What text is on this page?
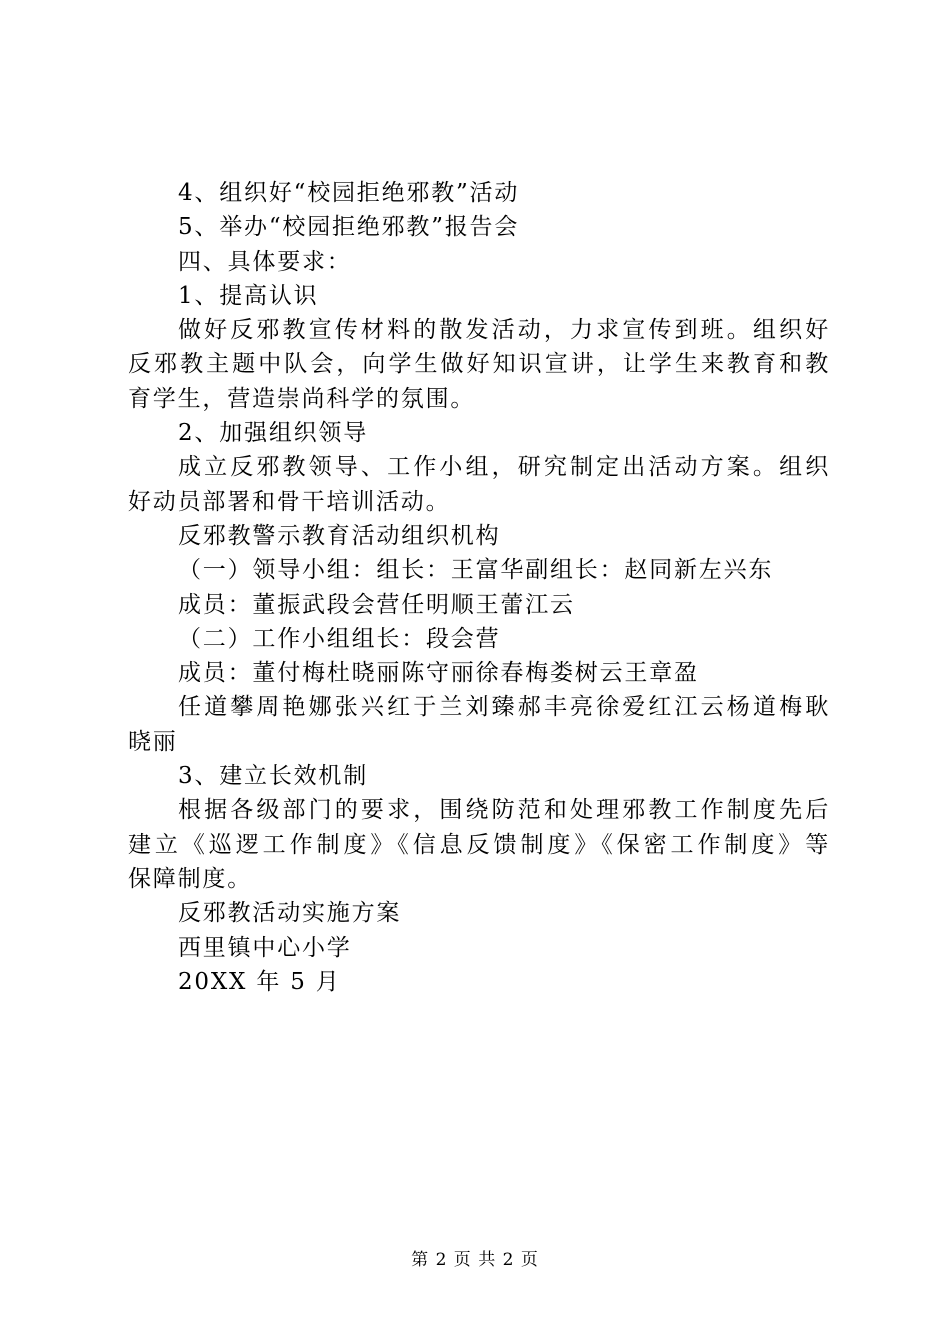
4、组织好“校园拒绝邪教”活动
5、举办“校园拒绝邪教”报告会
四、具体要求：
1、提高认识
做好反邪教宣传材料的散发活动，力求宣传到班。组织好
反邪教主题中队会，向学生做好知识宣讲，让学生来教育和教
育学生，营造崇尚科学的氛围。
2、加强组织领导
成立反邪教领导、工作小组，研究制定出活动方案。组织
好动员部署和骨干培训活动。
反邪教警示教育活动组织机构
（一）领导小组：组长：王富华副组长：赵同新左兴东
成员：董振武段会营任明顺王蕾江云
（二）工作小组组长：段会营
成员：董付梅杜晓丽陈守丽徐春梅娄树云王章盈
任道攀周艳娜张兴红于兰刘臻郝丰亮徐爱红江云杨道梅耿
晓丽
3、建立长效机制
根据各级部门的要求，围绕防范和处理邪教工作制度先后
建立《巡逻工作制度》《信息反馈制度》《保密工作制度》等
保障制度。
反邪教活动实施方案
西里镇中心小学
20XX 年 5 月
第 2 页 共 2 页
